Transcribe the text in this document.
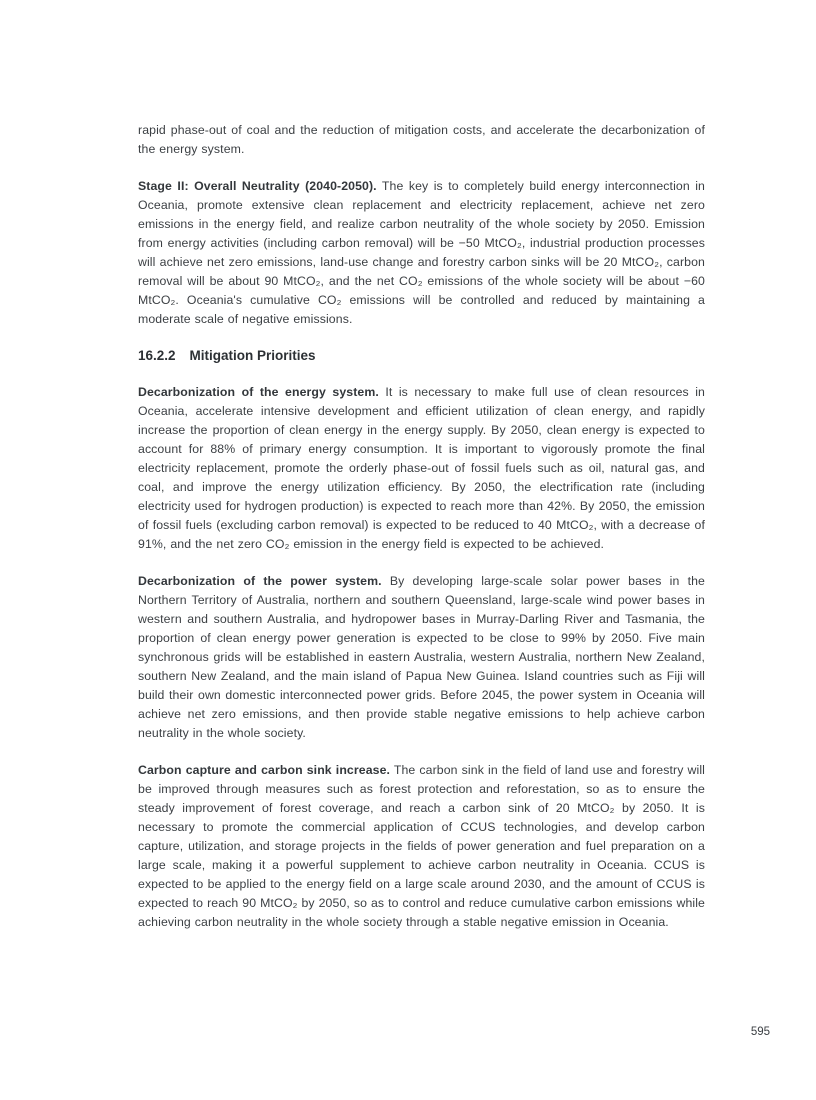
rapid phase-out of coal and the reduction of mitigation costs, and accelerate the decarbonization of the energy system.

Stage II: Overall Neutrality (2040-2050). The key is to completely build energy interconnection in Oceania, promote extensive clean replacement and electricity replacement, achieve net zero emissions in the energy field, and realize carbon neutrality of the whole society by 2050. Emission from energy activities (including carbon removal) will be −50 MtCO₂, industrial production processes will achieve net zero emissions, land-use change and forestry carbon sinks will be 20 MtCO₂, carbon removal will be about 90 MtCO₂, and the net CO₂ emissions of the whole society will be about −60 MtCO₂. Oceania's cumulative CO₂ emissions will be controlled and reduced by maintaining a moderate scale of negative emissions.

16.2.2 Mitigation Priorities

Decarbonization of the energy system. It is necessary to make full use of clean resources in Oceania, accelerate intensive development and efficient utilization of clean energy, and rapidly increase the proportion of clean energy in the energy supply. By 2050, clean energy is expected to account for 88% of primary energy consumption. It is important to vigorously promote the final electricity replacement, promote the orderly phase-out of fossil fuels such as oil, natural gas, and coal, and improve the energy utilization efficiency. By 2050, the electrification rate (including electricity used for hydrogen production) is expected to reach more than 42%. By 2050, the emission of fossil fuels (excluding carbon removal) is expected to be reduced to 40 MtCO₂, with a decrease of 91%, and the net zero CO₂ emission in the energy field is expected to be achieved.

Decarbonization of the power system. By developing large-scale solar power bases in the Northern Territory of Australia, northern and southern Queensland, large-scale wind power bases in western and southern Australia, and hydropower bases in Murray-Darling River and Tasmania, the proportion of clean energy power generation is expected to be close to 99% by 2050. Five main synchronous grids will be established in eastern Australia, western Australia, northern New Zealand, southern New Zealand, and the main island of Papua New Guinea. Island countries such as Fiji will build their own domestic interconnected power grids. Before 2045, the power system in Oceania will achieve net zero emissions, and then provide stable negative emissions to help achieve carbon neutrality in the whole society.

Carbon capture and carbon sink increase. The carbon sink in the field of land use and forestry will be improved through measures such as forest protection and reforestation, so as to ensure the steady improvement of forest coverage, and reach a carbon sink of 20 MtCO₂ by 2050. It is necessary to promote the commercial application of CCUS technologies, and develop carbon capture, utilization, and storage projects in the fields of power generation and fuel preparation on a large scale, making it a powerful supplement to achieve carbon neutrality in Oceania. CCUS is expected to be applied to the energy field on a large scale around 2030, and the amount of CCUS is expected to reach 90 MtCO₂ by 2050, so as to control and reduce cumulative carbon emissions while achieving carbon neutrality in the whole society through a stable negative emission in Oceania.

595
